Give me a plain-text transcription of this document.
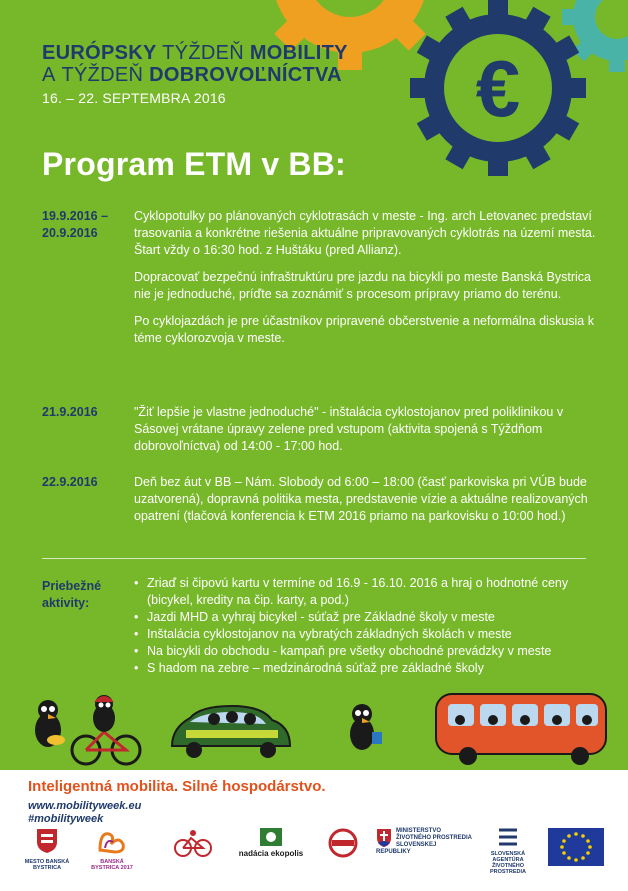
€
EURÓPSKY TÝŽDEŇ MOBILITY
A TÝŽDEŇ DOBROVOĽNÍCTVA
16. – 22. SEPTEMBRA 2016
Program ETM v BB:
19.9.2016 – 20.9.2016

Cyklopotulky po plánovaných cyklotrasách v meste - Ing. arch Letovanec predstaví trasovania a konkrétne riešenia aktuálne pripravovaných cyklotrás na území mesta. Štart vždy o 16:30 hod. z Huštáku (pred Allianz).

Dopracovať bezpečnú infraštruktúru pre jazdu na bicykli po meste Banská Bystrica nie je jednoduché, príďte sa zoznámiť s procesom prípravy priamo do terénu.

Po cyklojazdách je pre účastníkov pripravené občerstvenie a neformálna diskusia k téme cyklorozvoja v meste.

21.9.2016	"Žiť lepšie je vlastne jednoduché" - inštalácia cyklostojanov pred poliklinikou v Sásovej vrátane úpravy zelene pred vstupom (aktivita spojená s Týždňom dobrovoľníctva) od 14:00 - 17:00 hod.

22.9.2016	Deň bez áut v BB – Nám. Slobody od 6:00 – 18:00 (časť parkoviska pri VÚB bude uzatvorená), dopravná politika mesta, predstavenie vízie a aktuálne realizovaných opatrení (tlačová konferencia k ETM 2016 priamo na parkovisku o 10:00 hod.)

Priebežné aktivity:
• Zriaď si čipovú kartu v termíne od 16.9 - 16.10. 2016 a hraj o hodnotné ceny (bicykel, kredity na čip. karty, a pod.)
• Jazdi MHD a vyhraj bicykel - súťaž pre Základné školy v meste
• Inštalácia cyklostojanov na vybratých základných školách v meste
• Na bicykli do obchodu - kampaň pre všetky obchodné prevádzky v meste
• S hadom na zebre – medzinárodná súťaž pre základné školy
Inteligentná mobilita. Silné hospodárstvo.
www.mobilityweek.eu
#mobilityweek
MESTO BANSKÁ BYSTRICA
BANSKÁ BYSTRICA 2017
nadácia ekopolis
MINISTERSTVO ŽIVOTNÉHO PROSTREDIA SLOVENSKEJ REPUBLIKY	SLOVENSKÁ AGENTÚRA ŽIVOTNÉHO PROSTREDIA
